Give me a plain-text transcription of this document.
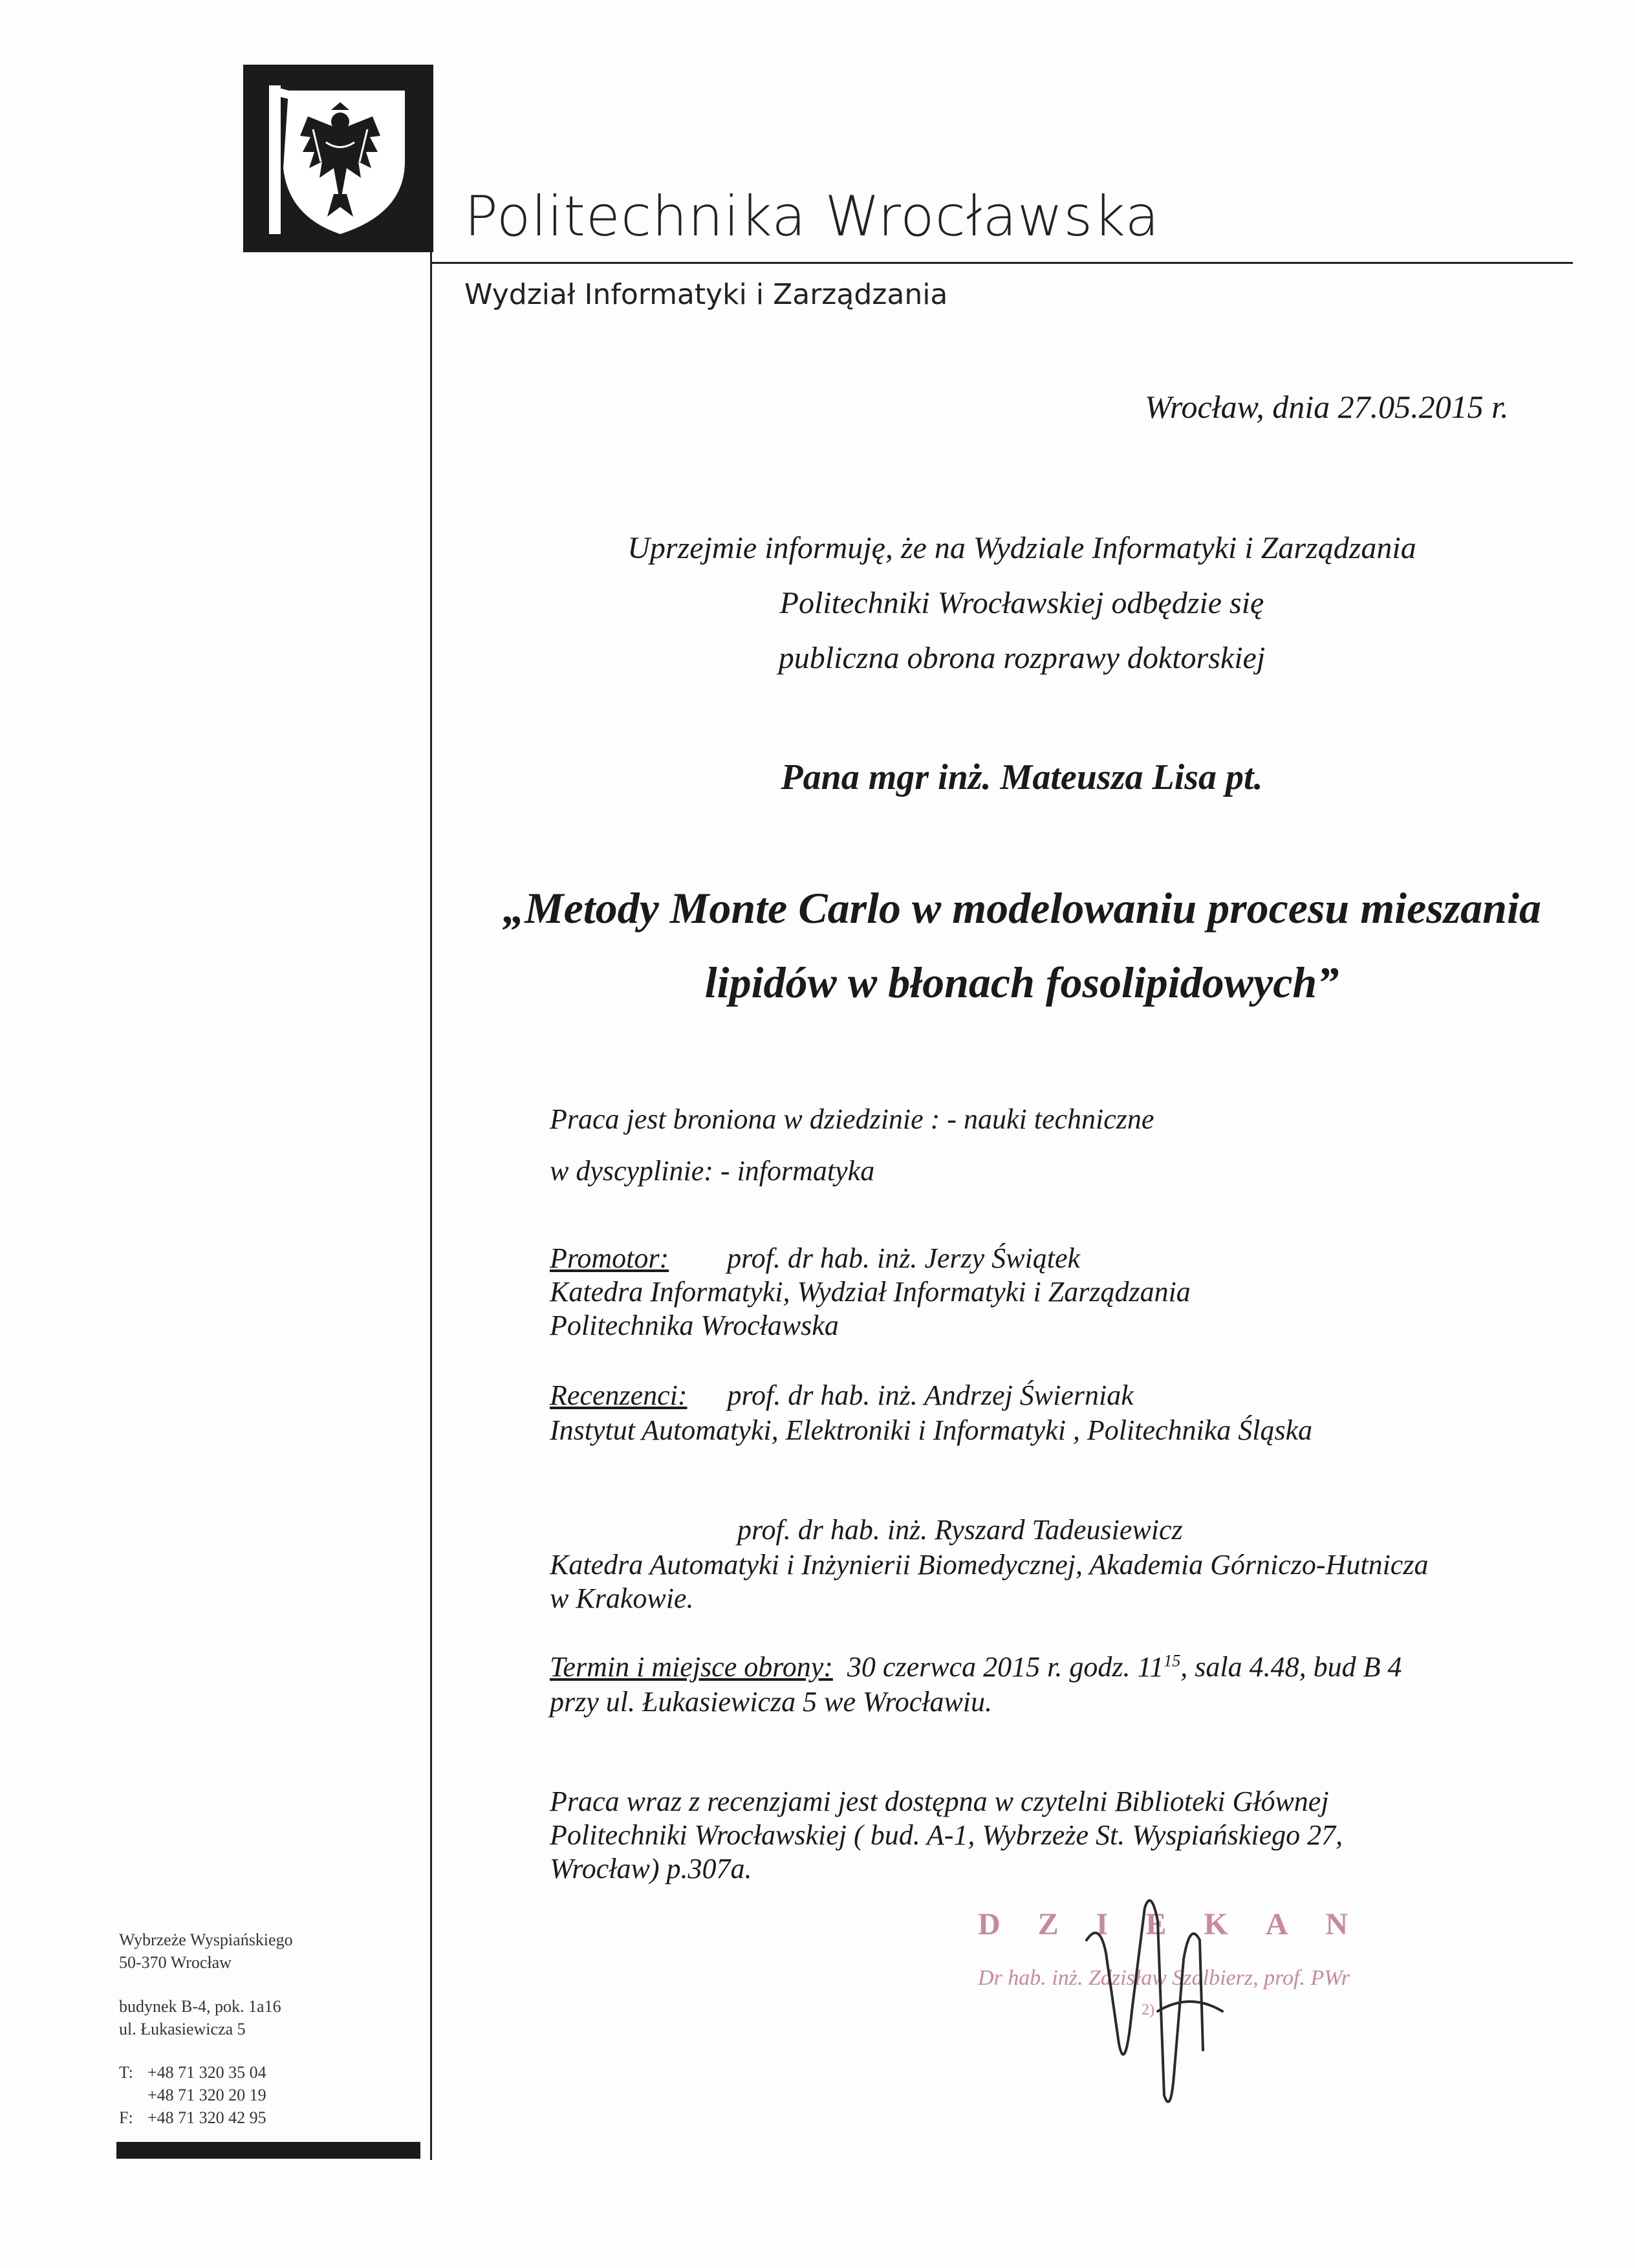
Politechnika Wrocławska
Wydział Informatyki i Zarządzania
Wrocław, dnia 27.05.2015 r.
Uprzejmie informuję, że na Wydziale Informatyki i Zarządzania
Politechniki Wrocławskiej odbędzie się
publiczna obrona rozprawy doktorskiej
Pana mgr inż. Mateusza Lisa pt.
„Metody Monte Carlo w modelowaniu procesu mieszania
lipidów w błonach fosolipidowych”
Praca jest broniona w dziedzinie : - nauki techniczne
w dyscyplinie: - informatyka
Promotor: prof. dr hab. inż. Jerzy Świątek
Katedra Informatyki, Wydział Informatyki i Zarządzania
Politechnika Wrocławska
Recenzenci: prof. dr hab. inż. Andrzej Świerniak
Instytut Automatyki, Elektroniki i Informatyki , Politechnika Śląska
prof. dr hab. inż. Ryszard Tadeusiewicz
Katedra Automatyki i Inżynierii Biomedycznej, Akademia Górniczo-Hutnicza
w Krakowie.
Termin i miejsce obrony: 30 czerwca 2015 r. godz. $11^{15}$, sala 4.48, bud B 4
przy ul. Łukasiewicza 5 we Wrocławiu.
Praca wraz z recenzjami jest dostępna w czytelni Biblioteki Głównej
Politechniki Wrocławskiej ( bud. A-1, Wybrzeże St. Wyspiańskiego 27,
Wrocław) p.307a.
DZIEKAN
Dr hab. inż. Zdzisław Szalbierz, prof. PWr
2)
Wybrzeże Wyspiańskiego
50-370 Wrocław
budynek B-4, pok. 1a16
ul. Łukasiewicza 5
T: +48 71 320 35 04
+48 71 320 20 19
F: +48 71 320 42 95
